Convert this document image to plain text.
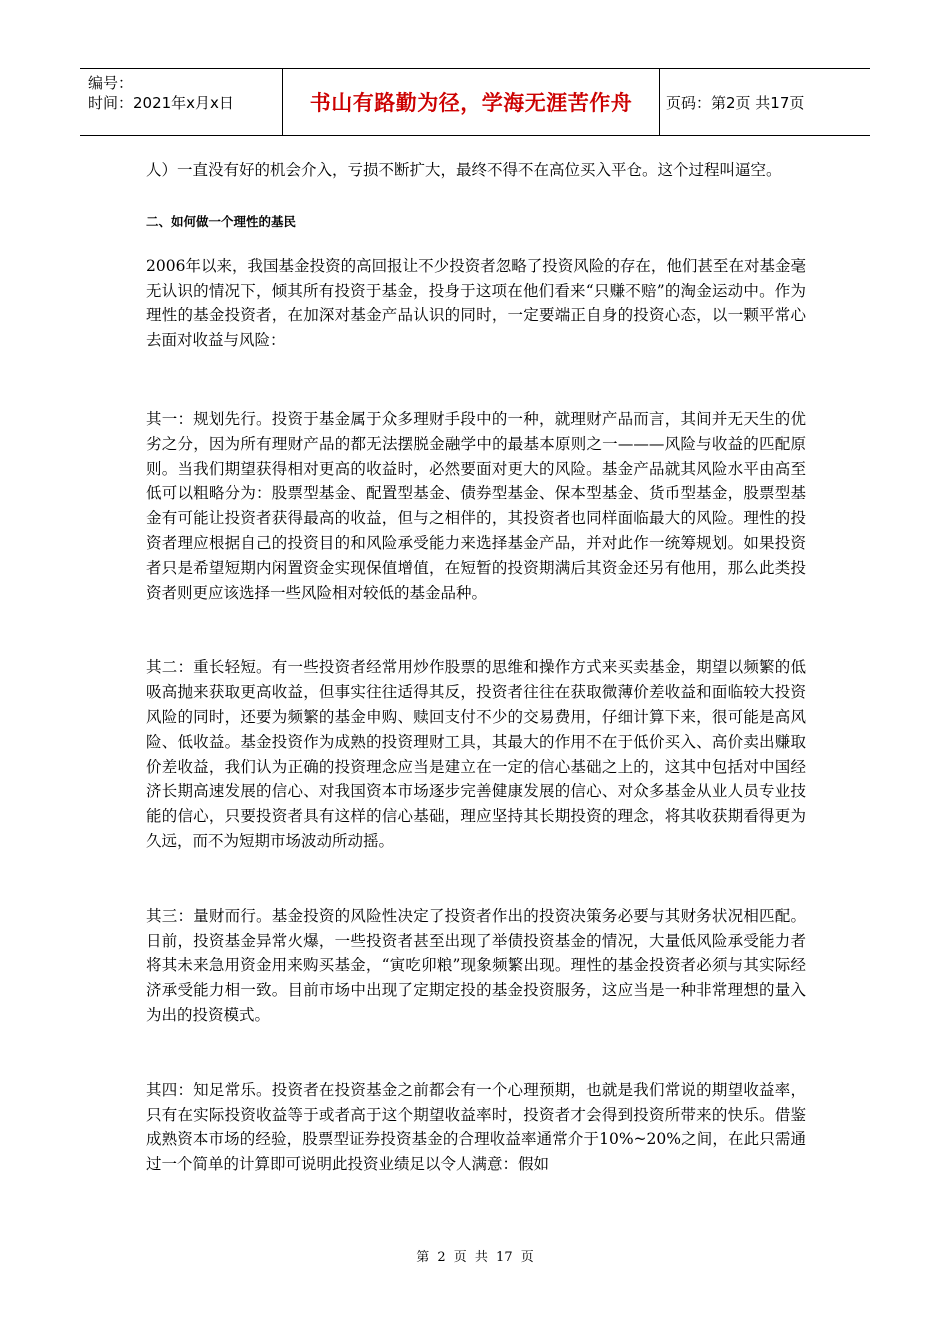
编号：
时间：2021年x月x日	书山有路勤为径，学海无涯苦作舟 页码：第2页 共17页

人）一直没有好的机会介入，亏损不断扩大，最终不得不在高位买入平仓。这个过程叫逼空。

二、如何做一个理性的基民

2006年以来，我国基金投资的高回报让不少投资者忽略了投资风险的存在，他们甚至在对基金毫无认识的情况下，倾其所有投资于基金，投身于这项在他们看来“只赚不赔”的淘金运动中。作为理性的基金投资者，在加深对基金产品认识的同时，一定要端正自身的投资心态，以一颗平常心去面对收益与风险：

其一：规划先行。投资于基金属于众多理财手段中的一种，就理财产品而言，其间并无天生的优劣之分，因为所有理财产品的都无法摆脱金融学中的最基本原则之一———风险与收益的匹配原则。当我们期望获得相对更高的收益时，必然要面对更大的风险。基金产品就其风险水平由高至低可以粗略分为：股票型基金、配置型基金、债券型基金、保本型基金、货币型基金，股票型基金有可能让投资者获得最高的收益，但与之相伴的，其投资者也同样面临最大的风险。理性的投资者理应根据自己的投资目的和风险承受能力来选择基金产品，并对此作一统筹规划。如果投资者只是希望短期内闲置资金实现保值增值，在短暂的投资期满后其资金还另有他用，那么此类投资者则更应该选择一些风险相对较低的基金品种。

其二：重长轻短。有一些投资者经常用炒作股票的思维和操作方式来买卖基金，期望以频繁的低吸高抛来获取更高收益，但事实往往适得其反，投资者往往在获取微薄价差收益和面临较大投资风险的同时，还要为频繁的基金申购、赎回支付不少的交易费用，仔细计算下来，很可能是高风险、低收益。基金投资作为成熟的投资理财工具，其最大的作用不在于低价买入、高价卖出赚取价差收益，我们认为正确的投资理念应当是建立在一定的信心基础之上的，这其中包括对中国经济长期高速发展的信心、对我国资本市场逐步完善健康发展的信心、对众多基金从业人员专业技能的信心，只要投资者具有这样的信心基础，理应坚持其长期投资的理念，将其收获期看得更为久远，而不为短期市场波动所动摇。

其三：量财而行。基金投资的风险性决定了投资者作出的投资决策务必要与其财务状况相匹配。日前，投资基金异常火爆，一些投资者甚至出现了举债投资基金的情况，大量低风险承受能力者将其未来急用资金用来购买基金，“寅吃卯粮”现象频繁出现。理性的基金投资者必须与其实际经济承受能力相一致。目前市场中出现了定期定投的基金投资服务，这应当是一种非常理想的量入为出的投资模式。

其四：知足常乐。投资者在投资基金之前都会有一个心理预期，也就是我们常说的期望收益率，只有在实际投资收益等于或者高于这个期望收益率时，投资者才会得到投资所带来的快乐。借鉴成熟资本市场的经验，股票型证券投资基金的合理收益率通常介于10%~20%之间，在此只需通过一个简单的计算即可说明此投资业绩足以令人满意：假如

第 2 页 共 17 页
